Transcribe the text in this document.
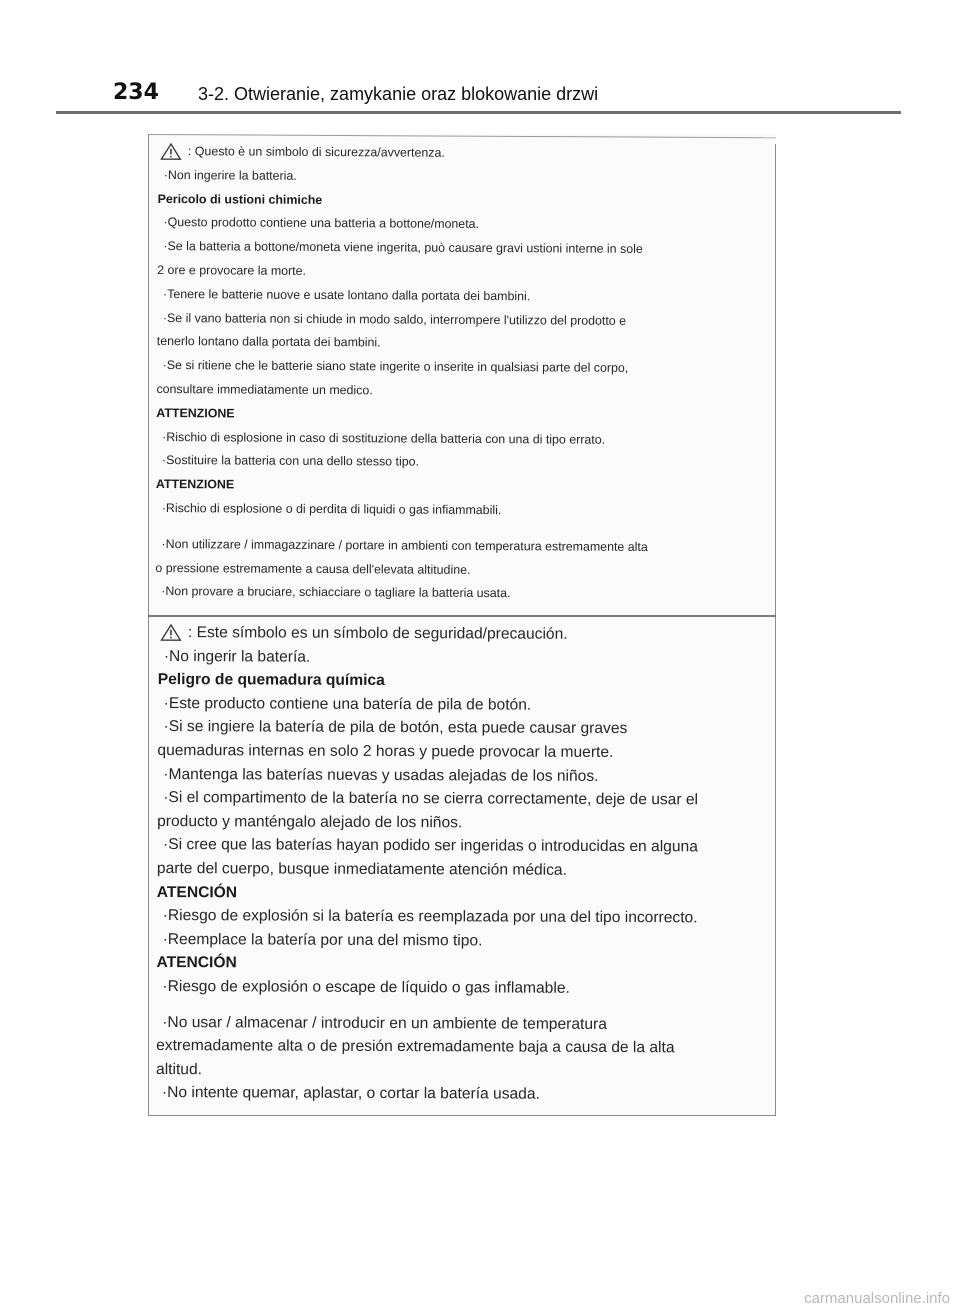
234 3-2. Otwieranie, zamykanie oraz blokowanie drzwi
: Questo è un simbolo di sicurezza/avvertenza.
· Non ingerire la batteria.
Pericolo di ustioni chimiche
· Questo prodotto contiene una batteria a bottone/moneta.
· Se la batteria a bottone/moneta viene ingerita, può causare gravi ustioni interne in sole
2 ore e provocare la morte.
· Tenere le batterie nuove e usate lontano dalla portata dei bambini.
· Se il vano batteria non si chiude in modo saldo, interrompere l'utilizzo del prodotto e
tenerlo lontano dalla portata dei bambini.
· Se si ritiene che le batterie siano state ingerite o inserite in qualsiasi parte del corpo,
consultare immediatamente un medico.
ATTENZIONE
· Rischio di esplosione in caso di sostituzione della batteria con una di tipo errato.
· Sostituire la batteria con una dello stesso tipo.
ATTENZIONE
· Rischio di esplosione o di perdita di liquidi o gas infiammabili.
· Non utilizzare / immagazzinare / portare in ambienti con temperatura estremamente alta
o pressione estremamente a causa dell'elevata altitudine.
· Non provare a bruciare, schiacciare o tagliare la batteria usata.
: Este símbolo es un símbolo de seguridad/precaución.
· No ingerir la batería.
Peligro de quemadura química
· Este producto contiene una batería de pila de botón.
· Si se ingiere la batería de pila de botón, esta puede causar graves
quemaduras internas en solo 2 horas y puede provocar la muerte.
· Mantenga las baterías nuevas y usadas alejadas de los niños.
· Si el compartimento de la batería no se cierra correctamente, deje de usar el
producto y manténgalo alejado de los niños.
· Si cree que las baterías hayan podido ser ingeridas o introducidas en alguna
parte del cuerpo, busque inmediatamente atención médica.
ATENCIÓN
· Riesgo de explosión si la batería es reemplazada por una del tipo incorrecto.
· Reemplace la batería por una del mismo tipo.
ATENCIÓN
· Riesgo de explosión o escape de líquido o gas inflamable.
· No usar / almacenar / introducir en un ambiente de temperatura
extremadamente alta o de presión extremadamente baja a causa de la alta
altitud.
· No intente quemar, aplastar, o cortar la batería usada.
carmanualsonline.info
